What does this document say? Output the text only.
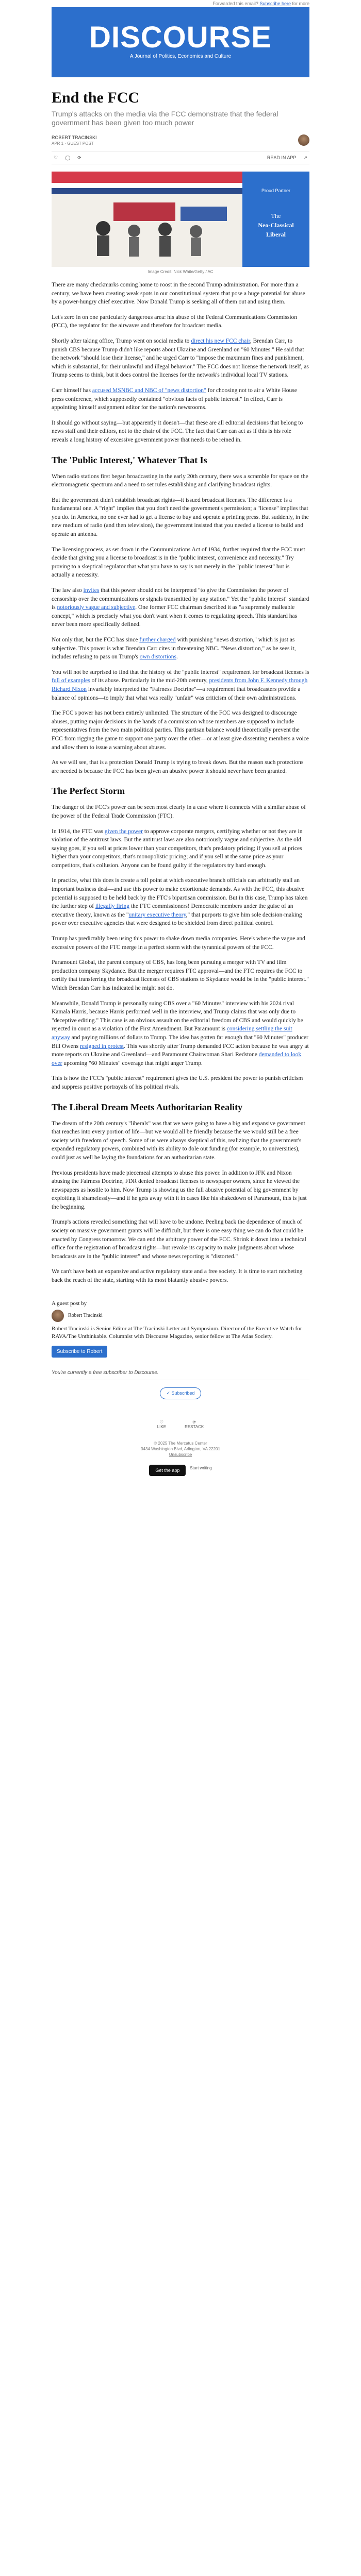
Forwarded this email? Subscribe here for more
DISCOURSE
A Journal of Politics, Economics and Culture
End the FCC
Trump's attacks on the media via the FCC demonstrate that the federal government has been given too much power
ROBERT TRACINSKI
APR 1 · GUEST POST
♡ ◯ ⟳	READ IN APP ↗
Proud Partner
The
Neo-Classical
Liberal
Image Credit: Nick White/Getty / AC

There are many checkmarks coming home to roost in the second Trump administration. For more than a century, we have been creating weak spots in our constitutional system that pose a huge potential for abuse by a power-hungry chief executive. Now Donald Trump is seeking all of them out and using them.

Let's zero in on one particularly dangerous area: his abuse of the Federal Communications Commission (FCC), the regulator for the airwaves and therefore for broadcast media.

Shortly after taking office, Trump went on social media to direct his new FCC chair, Brendan Carr, to punish CBS because Trump didn't like reports about Ukraine and Greenland on "60 Minutes." He said that the network "should lose their license," and he urged Carr to "impose the maximum fines and punishment, which is substantial, for their unlawful and illegal behavior." The FCC does not license the network itself, as Trump seems to think, but it does control the licenses for the network's individual local TV stations.

Carr himself has accused MSNBC and NBC of "news distortion" for choosing not to air a White House press conference, which supposedly contained "obvious facts of public interest." In effect, Carr is appointing himself assignment editor for the nation's newsrooms.

It should go without saying—but apparently it doesn't—that these are all editorial decisions that belong to news staff and their editors, not to the chair of the FCC. The fact that Carr can act as if this is his role reveals a long history of excessive government power that needs to be reined in.

The 'Public Interest,' Whatever That Is

When radio stations first began broadcasting in the early 20th century, there was a scramble for space on the electromagnetic spectrum and a need to set rules establishing and clarifying broadcast rights.

But the government didn't establish broadcast rights—it issued broadcast licenses. The difference is a fundamental one. A "right" implies that you don't need the government's permission; a "license" implies that you do. In America, no one ever had to get a license to buy and operate a printing press. But suddenly, in the new medium of radio (and then television), the government insisted that you needed a license to build and operate an antenna.

The licensing process, as set down in the Communications Act of 1934, further required that the FCC must decide that giving you a license to broadcast is in the "public interest, convenience and necessity." Try proving to a skeptical regulator that what you have to say is not merely in the "public interest" but is actually a necessity.

The law also invites that this power should not be interpreted "to give the Commission the power of censorship over the communications or signals transmitted by any station." Yet the "public interest" standard is notoriously vague and subjective. One former FCC chairman described it as "a supremely malleable concept," which is precisely what you don't want when it comes to regulating speech. This standard has never been more specifically defined.

Not only that, but the FCC has since further charged with punishing "news distortion," which is just as subjective. This power is what Brendan Carr cites in threatening NBC. "News distortion," as he sees it, includes refusing to pass on Trump's own distortions.

You will not be surprised to find that the history of the "public interest" requirement for broadcast licenses is full of examples of its abuse. Particularly in the mid-20th century, presidents from John F. Kennedy through Richard Nixon invariably interpreted the "Fairness Doctrine"—a requirement that broadcasters provide a balance of opinions—to imply that what was really "unfair" was criticism of their own administrations.

The FCC's power has not been entirely unlimited. The structure of the FCC was designed to discourage abuses, putting major decisions in the hands of a commission whose members are supposed to include representatives from the two main political parties. This partisan balance would theoretically prevent the FCC from rigging the game to support one party over the other—or at least give dissenting members a voice and allow them to issue a warning about abuses.

As we will see, that is a protection Donald Trump is trying to break down. But the reason such protections are needed is because the FCC has been given an abusive power it should never have been granted.

The Perfect Storm

The danger of the FCC's power can be seen most clearly in a case where it connects with a similar abuse of the power of the Federal Trade Commission (FTC).

In 1914, the FTC was given the power to approve corporate mergers, certifying whether or not they are in violation of the antitrust laws. But the antitrust laws are also notoriously vague and subjective. As the old saying goes, if you sell at prices lower than your competitors, that's predatory pricing; if you sell at prices higher than your competitors, that's monopolistic pricing; and if you sell at the same price as your competitors, that's collusion. Anyone can be found guilty if the regulators try hard enough.

In practice, what this does is create a toll point at which executive branch officials can arbitrarily stall an important business deal—and use this power to make extortionate demands. As with the FCC, this abusive potential is supposed to be held back by the FTC's bipartisan commission. But in this case, Trump has taken the further step of illegally firing the FTC commissioners! Democratic members under the guise of an executive theory, known as the "unitary executive theory," that purports to give him sole decision-making power over executive agencies that were designed to be shielded from direct political control.

Trump has predictably been using this power to shake down media companies. Here's where the vague and excessive powers of the FTC merge in a perfect storm with the tyrannical powers of the FCC.

Paramount Global, the parent company of CBS, has long been pursuing a merger with TV and film production company Skydance. But the merger requires FTC approval—and the FTC requires the FCC to certify that transferring the broadcast licenses of CBS stations to Skydance would be in the "public interest." Which Brendan Carr has indicated he might not do.

Meanwhile, Donald Trump is personally suing CBS over a "60 Minutes" interview with his 2024 rival Kamala Harris, because Harris performed well in the interview, and Trump claims that was only due to "deceptive editing." This case is an obvious assault on the editorial freedom of CBS and would quickly be rejected in court as a violation of the First Amendment. But Paramount is considering settling the suit anyway and paying millions of dollars to Trump. The idea has gotten far enough that "60 Minutes" producer Bill Owens resigned in protest. This was shortly after Trump demanded FCC action because he was angry at more reports on Ukraine and Greenland—and Paramount Chairwoman Shari Redstone demanded to look over upcoming "60 Minutes" coverage that might anger Trump.

This is how the FCC's "public interest" requirement gives the U.S. president the power to punish criticism and suppress positive portrayals of his political rivals.

The Liberal Dream Meets Authoritarian Reality

The dream of the 20th century's "liberals" was that we were going to have a big and expansive government that reaches into every portion of life—but we would all be friendly because the we would still be a free society with freedom of speech. Some of us were always skeptical of this, realizing that the government's expanded regulatory powers, combined with its ability to dole out funding (for example, to universities), could just as well be laying the foundations for an authoritarian state.

Previous presidents have made piecemeal attempts to abuse this power. In addition to JFK and Nixon abusing the Fairness Doctrine, FDR denied broadcast licenses to newspaper owners, since he viewed the newspapers as hostile to him. Now Trump is showing us the full abusive potential of big government by exploiting it shamelessly—and if he gets away with it in cases like his shakedown of Paramount, this is just the beginning.

Trump's actions revealed something that will have to be undone. Peeling back the dependence of much of society on massive government grants will be difficult, but there is one easy thing we can do that could be enacted by Congress tomorrow. We can end the arbitrary power of the FCC. Shrink it down into a technical office for the registration of broadcast rights—but revoke its capacity to make judgments about whose broadcasts are in the "public interest" and whose news reporting is "distorted."

We can't have both an expansive and active regulatory state and a free society. It is time to start ratcheting back the reach of the state, starting with its most blatantly abusive powers.

A guest post by
Robert Tracinski
Robert Tracinski is Senior Editor at The Tracinski Letter and Symposium. Director of the Executive Watch for RAVA/The Unthinkable. Columnist with Discourse Magazine, senior fellow at The Atlas Society.
Subscribe to Robert
You're currently a free subscriber to Discourse.
✓ Subscribed
♡
LIKE
⟳
RESTACK
© 2025 The Mercatus Center
3434 Washington Blvd, Arlington, VA 22201
Unsubscribe
Get the app	Start writing
